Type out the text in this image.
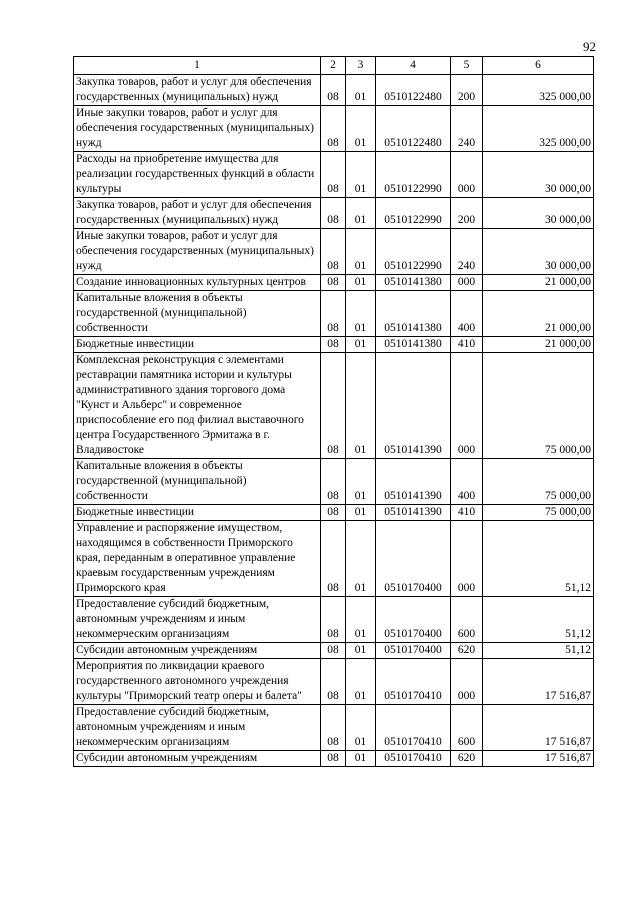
92
1	2	3	4	5	6
Закупка товаров, работ и услуг для обеспечения государственных (муниципальных) нужд	08	01	0510122480	200	325 000,00
Иные закупки товаров, работ и услуг для обеспечения государственных (муниципальных) нужд	08	01	0510122480	240	325 000,00
Расходы на приобретение имущества для реализации государственных функций в области культуры	08	01	0510122990	000	30 000,00
Закупка товаров, работ и услуг для обеспечения государственных (муниципальных) нужд	08	01	0510122990	200	30 000,00
Иные закупки товаров, работ и услуг для обеспечения государственных (муниципальных) нужд	08	01	0510122990	240	30 000,00
Создание инновационных культурных центров	08	01	0510141380	000	21 000,00
Капитальные вложения в объекты государственной (муниципальной) собственности	08	01	0510141380	400	21 000,00
Бюджетные инвестиции	08	01	0510141380	410	21 000,00
Комплексная реконструкция с элементами реставрации памятника истории и культуры административного здания торгового дома "Кунст и Альберс" и современное приспособление его под филиал выставочного центра Государственного Эрмитажа в г. Владивостоке	08	01	0510141390	000	75 000,00
Капитальные вложения в объекты государственной (муниципальной) собственности	08	01	0510141390	400	75 000,00
Бюджетные инвестиции	08	01	0510141390	410	75 000,00
Управление и распоряжение имуществом, находящимся в собственности Приморского края, переданным в оперативное управление краевым государственным учреждениям Приморского края	08	01	0510170400	000	51,12
Предоставление субсидий бюджетным, автономным учреждениям и иным некоммерческим организациям	08	01	0510170400	600	51,12
Субсидии автономным учреждениям	08	01	0510170400	620	51,12
Мероприятия по ликвидации краевого государственного автономного учреждения культуры "Приморский театр оперы и балета"	08	01	0510170410	000	17 516,87
Предоставление субсидий бюджетным, автономным учреждениям и иным некоммерческим организациям	08	01	0510170410	600	17 516,87
Субсидии автономным учреждениям	08	01	0510170410	620	17 516,87
